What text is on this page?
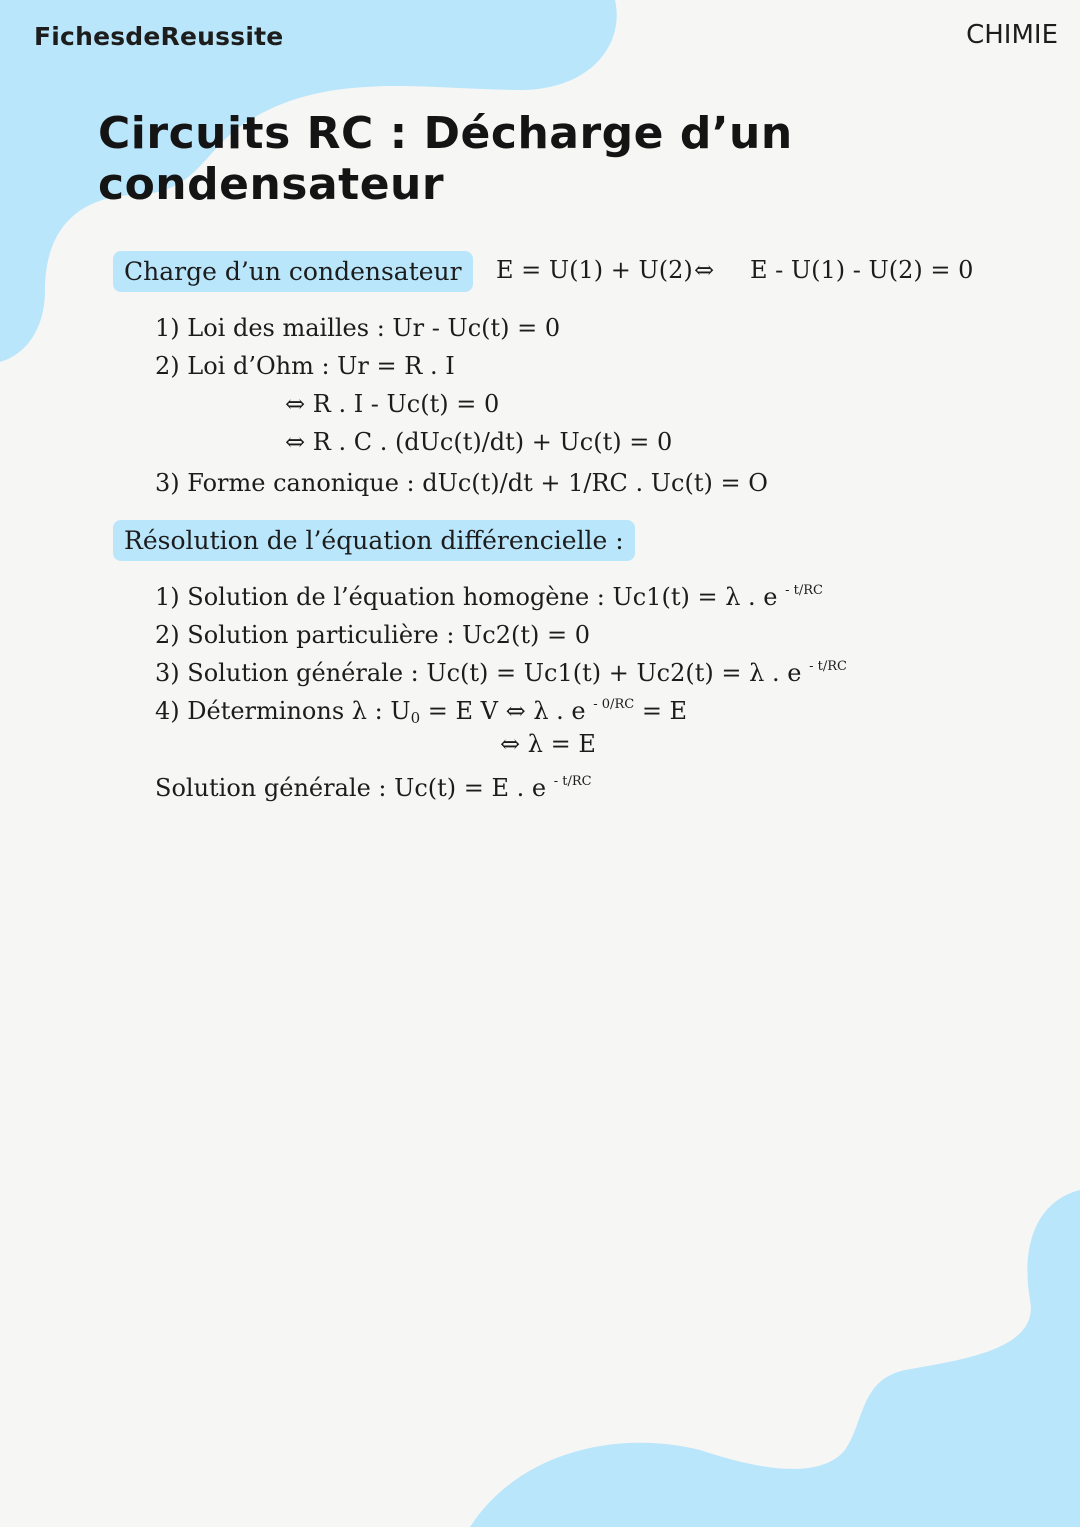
FichesdeReussite	CHIMIE
Circuits RC : Décharge d’un condensateur
Charge d’un condensateur	E = U(1) + U(2) ⇔ E - U(1) - U(2) = 0
1) Loi des mailles : Ur - Uc(t) = 0
2) Loi d’Ohm : Ur = R . I
⇔ R . I - Uc(t) = 0
⇔ R . C . (dUc(t)/dt) + Uc(t) = 0
3) Forme canonique : dUc(t)/dt + 1/RC . Uc(t) = O
Résolution de l’équation différencielle :
1) Solution de l’équation homogène : Uc1(t) = λ . e $^{- t/RC}$
2) Solution particulière : Uc2(t) = 0
3) Solution générale : Uc(t) = Uc1(t) + Uc2(t) = λ . e $^{- t/RC}$
4) Déterminons λ : $U_0 = E$ V ⇔ λ . e $^{- 0/RC}$ = E
⇔ λ = E
Solution générale : Uc(t) = E . e $^{- t/RC}$
